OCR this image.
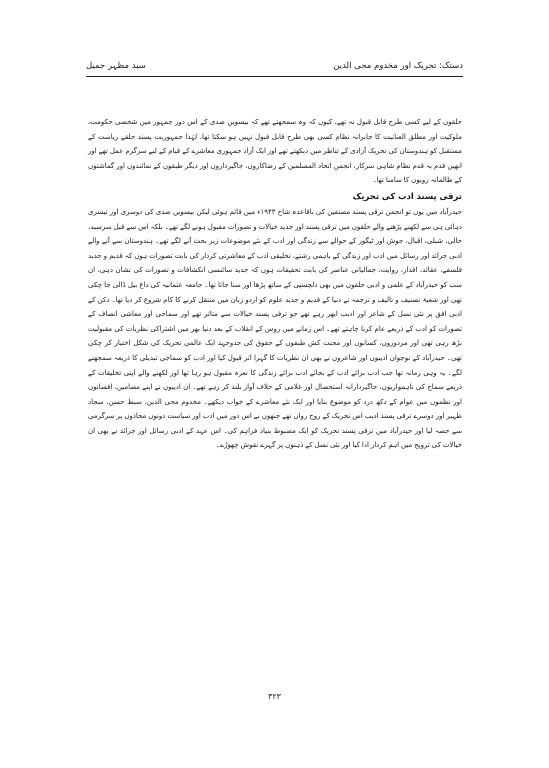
دستک: تحریک اور مخدوم محی الدین
سید مظہر جمیل

حلقوں کے لیے کسی طرح قابل قبول نہ تھے، کیوں کہ وہ سمجھتے تھے کہ بیسویں صدی کے اس دور جمہور میں شخصی حکومت، ملوکیت اور مطلق العنانیت کا جابرانہ نظام کسی بھی طرح قابل قبول نہیں ہو سکتا تھا، لہٰذا جمہوریت پسند حلقے ریاست کے مستقبل کو ہندوستان کی تحریک آزادی کے تناظر میں دیکھتے تھے اور ایک آزاد جمہوری معاشرے کے قیام کے لیے سرگرم عمل تھے اور انھیں قدم بہ قدم نظام شاہی سرکار، انجمن اتحاد المسلمین کے رضاکاروں، جاگیرداروں اور دیگر طبقوں کے نمائندوں اور گماشتوں کے ظالمانہ رویوں کا سامنا تھا۔

ترقی پسند ادب کی تحریک

حیدرآباد میں یوں تو انجمن ترقی پسند مصنفین کی باقاعدہ شاخ ۱۹۴۳ء میں قائم ہوئی لیکن بیسویں صدی کی دوسری اور تیسری دہائی ہی سے لکھنے پڑھنے والے حلقوں میں ترقی پسند اور جدید خیالات و تصورات مقبول ہونے لگے تھے۔ بلکہ اس سے قبل سرسید، حالی، شبلی، اقبال، جوش اور ٹیگور کے حوالے سے زندگی اور ادب کے نئے موضوعات زیر بحث آنے لگے تھے۔ ہندوستان سے آنے والے ادبی جرائد اور رسائل میں ادب اور زندگی کے باہمی رشتے، تخلیقی ادب کے معاشرتی کردار کی بابت تصورات ہوں کہ قدیم و جدید فلسفے، عقائد، اقدار، روایت، جمالیاتی عناصر کی بابت تحقیقات ہوں کہ جدید سائنسی انکشافات و تصورات کی نشان دہی، ان سب کو حیدرآباد کے علمی و ادبی حلقوں میں بھی دلچسپی کے ساتھ پڑھا اور سنا جاتا تھا۔ جامعہ عثمانیہ کی داغ بیل ڈالی جا چکی تھی اور شعبۂ تصنیف و تالیف و ترجمہ نے دنیا کے قدیم و جدید علوم کو اردو زبان میں منتقل کرنے کا کام شروع کر دیا تھا۔ دکن کے ادبی افق پر نئی نسل کے شاعر اور ادیب ابھر رہے تھے جو ترقی پسند خیالات سے متاثر تھے اور سماجی اور معاشی انصاف کے تصورات کو ادب کے ذریعے عام کرنا چاہتے تھے۔ اس زمانے میں روس کے انقلاب کے بعد دنیا بھر میں اشتراکی نظریات کی مقبولیت بڑھ رہی تھی اور مزدوروں، کسانوں اور محنت کش طبقوں کے حقوق کی جدوجہد ایک عالمی تحریک کی شکل اختیار کر چکی تھی۔ حیدرآباد کے نوجوان ادیبوں اور شاعروں نے بھی ان نظریات کا گہرا اثر قبول کیا اور ادب کو سماجی تبدیلی کا ذریعہ سمجھنے لگے۔ یہ وہی زمانہ تھا جب ادب برائے ادب کے بجائے ادب برائے زندگی کا نعرہ مقبول ہو رہا تھا اور لکھنے والے اپنی تخلیقات کے ذریعے سماج کی ناہمواریوں، جاگیردارانہ استحصال اور غلامی کے خلاف آواز بلند کر رہے تھے۔ ان ادیبوں نے اپنے مضامین، افسانوں اور نظموں میں عوام کے دکھ درد کو موضوع بنایا اور ایک نئے معاشرے کے خواب دیکھے۔ مخدوم محی الدین، سبط حسن، سجاد ظہیر اور دوسرے ترقی پسند ادیب اس تحریک کے روح رواں تھے جنھوں نے اس دور میں ادب اور سیاست دونوں محاذوں پر سرگرمی سے حصہ لیا اور حیدرآباد میں ترقی پسند تحریک کو ایک مضبوط بنیاد فراہم کی۔ اس عہد کے ادبی رسائل اور جرائد نے بھی ان خیالات کی ترویج میں اہم کردار ادا کیا اور نئی نسل کے ذہنوں پر گہرے نقوش چھوڑے۔

۳۲۳
